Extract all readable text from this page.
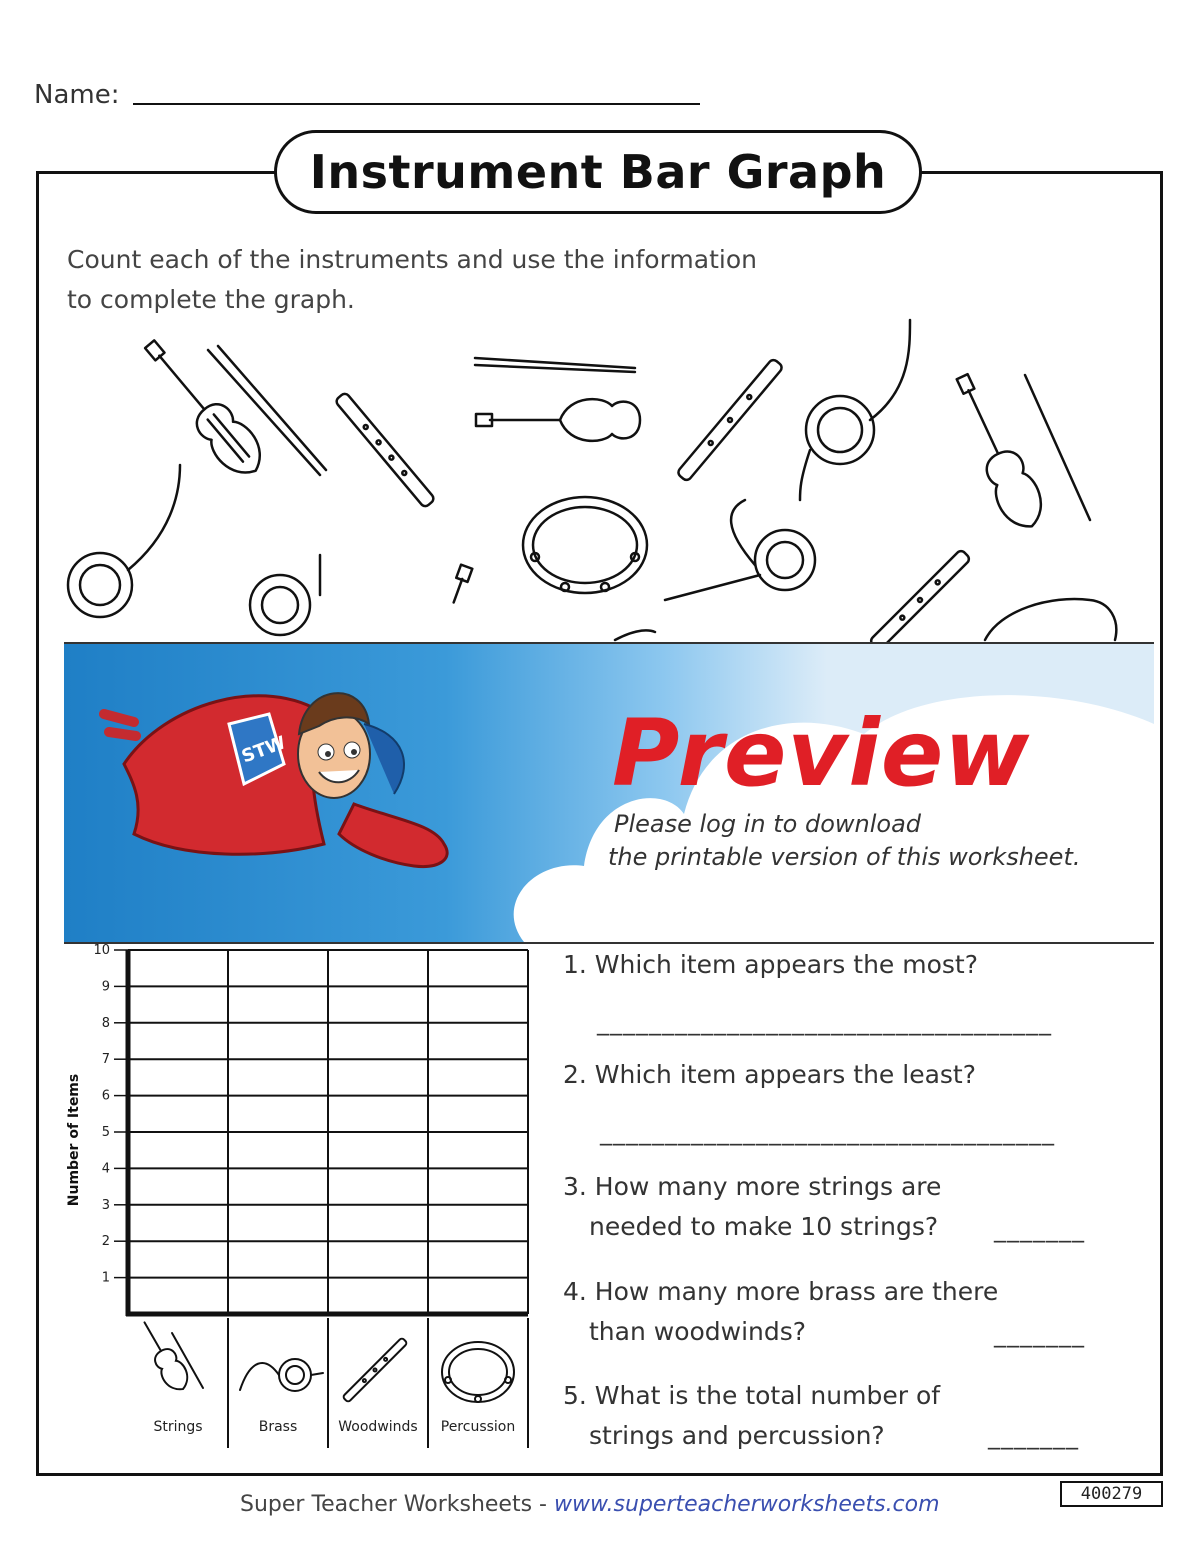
Name:
Instrument Bar Graph
Count each of the instruments and use the information
to complete the graph.
STW	Preview
Please log in to download
the printable version of this worksheet.
1
2
3
4
5
6
7
8
9
10
Number of Items
Strings	Brass	Woodwinds Percussion
1. Which item appears the most?
___________________________________
2. Which item appears the least?
___________________________________
3. How many more strings are
needed to make 10 strings? _______
4. How many more brass are there
than woodwinds?	_______
5. What is the total number of
strings and percussion?	_______
Super Teacher Worksheets - www.superteacherworksheets.com	400279
